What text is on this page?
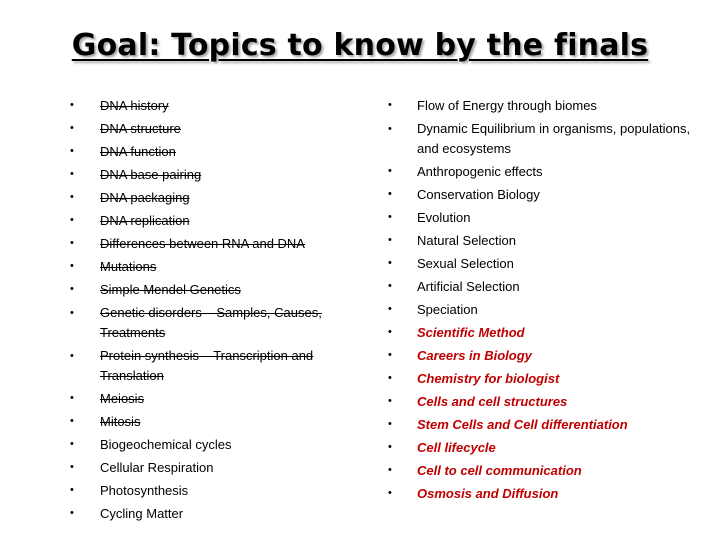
Goal: Topics to know by the finals
•	DNA history
•	DNA structure
•	DNA function
•	DNA base pairing
•	DNA packaging
•	DNA replication
•	Differences between RNA and DNA
•	Mutations
•	Simple Mendel Genetics
•	Genetic disorders – Samples, Causes, Treatments
•	Protein synthesis – Transcription and Translation
•	Meiosis
•	Mitosis
•	Biogeochemical cycles
•	Cellular Respiration
•	Photosynthesis
•	Cycling Matter
•	Flow of Energy through biomes
•	Dynamic Equilibrium in organisms, populations, and ecosystems
•	Anthropogenic effects
•	Conservation Biology
•	Evolution
•	Natural Selection
•	Sexual Selection
•	Artificial Selection
•	Speciation
•	Scientific Method
•	Careers in Biology
•	Chemistry for biologist
•	Cells and cell structures
•	Stem Cells and Cell differentiation
•	Cell lifecycle
•	Cell to cell communication
•	Osmosis and Diffusion
